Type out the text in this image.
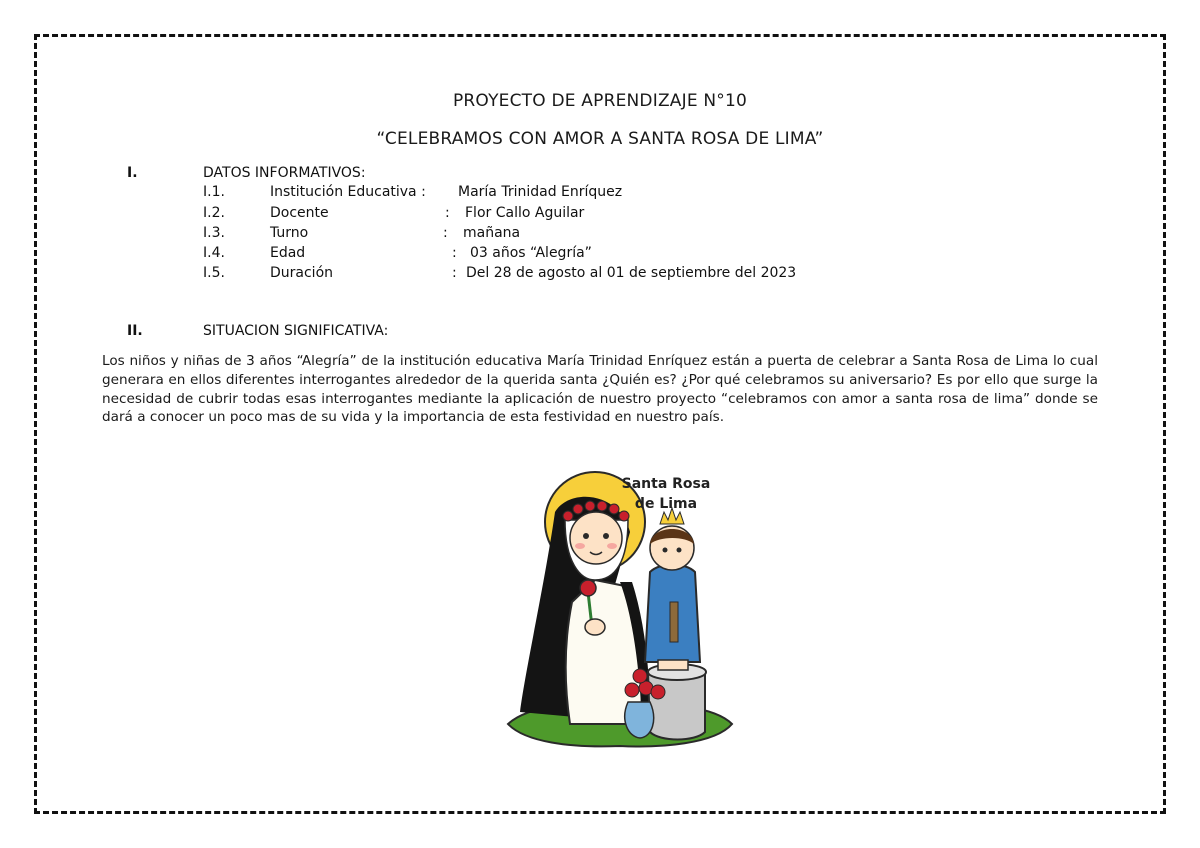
PROYECTO DE APRENDIZAJE N°10
“CELEBRAMOS CON AMOR A SANTA ROSA DE LIMA”
I.	DATOS INFORMATIVOS:
I.1.	Institución Educativa : María Trinidad Enríquez
I.2.	Docente	: Flor Callo Aguilar
I.3.	Turno	: mañana
I.4.	Edad	: 03 años “Alegría”
I.5.	Duración	: Del 28 de agosto al 01 de septiembre del 2023
II.	SITUACION SIGNIFICATIVA:
Los niños y niñas de 3 años “Alegría” de la institución educativa María Trinidad Enríquez están a puerta de celebrar a Santa Rosa de Lima lo cual generara en ellos diferentes interrogantes alrededor de la querida santa ¿Quién es? ¿Por qué celebramos su aniversario? Es por ello que surge la necesidad de cubrir todas esas interrogantes mediante la aplicación de nuestro proyecto “celebramos con amor a santa rosa de lima” donde se dará a conocer un poco mas de su vida y la importancia de esta festividad en nuestro país.
Santa Rosa
de Lima
